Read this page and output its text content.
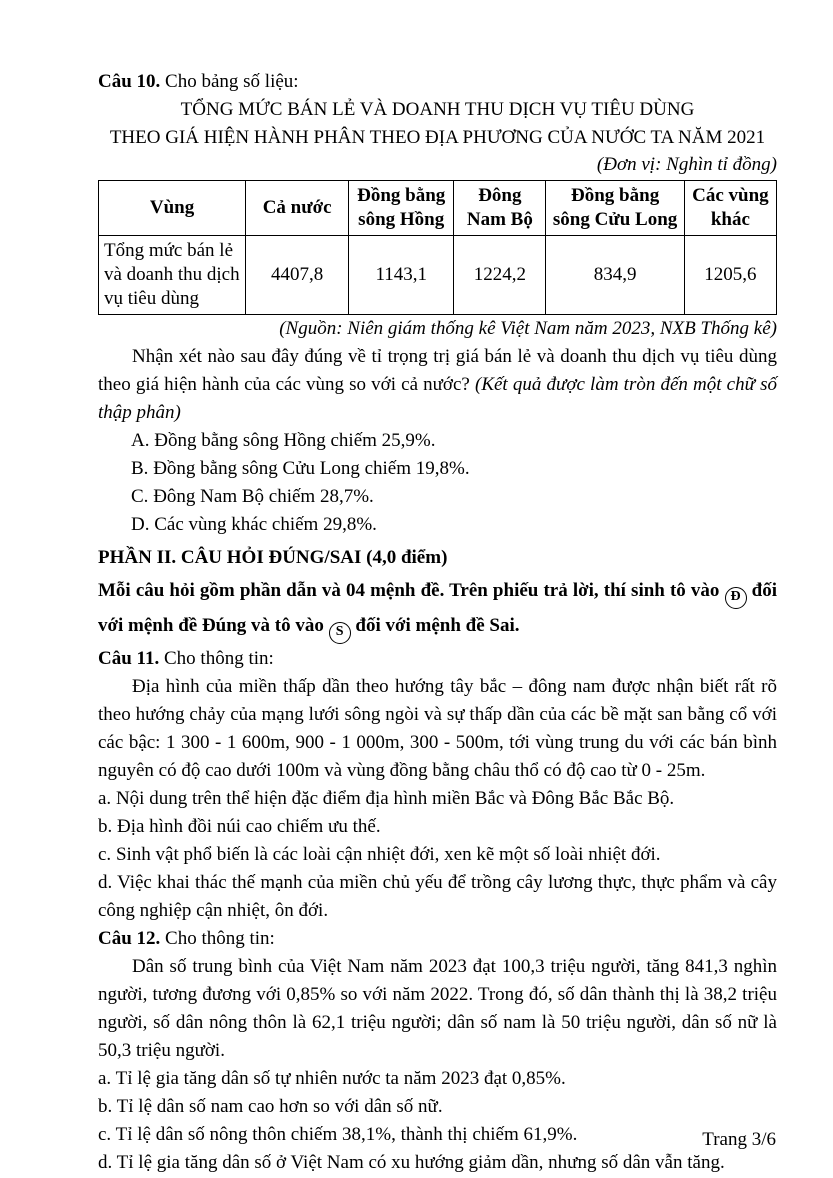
Câu 10. Cho bảng số liệu:

TỔNG MỨC BÁN LẺ VÀ DOANH THU DỊCH VỤ TIÊU DÙNG
THEO GIÁ HIỆN HÀNH PHÂN THEO ĐỊA PHƯƠNG CỦA NƯỚC TA NĂM 2021
(Đơn vị: Nghìn tỉ đồng)
Vùng	Cả nước	Đồng bằng sông Hồng	Đông Nam Bộ	Đồng bằng sông Cửu Long	Các vùng khác
Tổng mức bán lẻ và doanh thu dịch vụ tiêu dùng	4407,8	1143,1	1224,2	834,9	1205,6
(Nguồn: Niên giám thống kê Việt Nam năm 2023, NXB Thống kê)

Nhận xét nào sau đây đúng về tỉ trọng trị giá bán lẻ và doanh thu dịch vụ tiêu dùng theo giá hiện hành của các vùng so với cả nước? (Kết quả được làm tròn đến một chữ số thập phân)

A. Đồng bằng sông Hồng chiếm 25,9%.
B. Đồng bằng sông Cửu Long chiếm 19,8%.
C. Đông Nam Bộ chiếm 28,7%.
D. Các vùng khác chiếm 29,8%.
PHẦN II. CÂU HỎI ĐÚNG/SAI (4,0 điểm)

Mỗi câu hỏi gồm phần dẫn và 04 mệnh đề. Trên phiếu trả lời, thí sinh tô vào Đ đối với mệnh đề Đúng và tô vào S đối với mệnh đề Sai.

Câu 11. Cho thông tin:

Địa hình của miền thấp dần theo hướng tây bắc – đông nam được nhận biết rất rõ theo hướng chảy của mạng lưới sông ngòi và sự thấp dần của các bề mặt san bằng cổ với các bậc: 1 300 - 1 600m, 900 - 1 000m, 300 - 500m, tới vùng trung du với các bán bình nguyên có độ cao dưới 100m và vùng đồng bằng châu thổ có độ cao từ 0 - 25m.

a. Nội dung trên thể hiện đặc điểm địa hình miền Bắc và Đông Bắc Bắc Bộ.
b. Địa hình đồi núi cao chiếm ưu thế.
c. Sinh vật phổ biến là các loài cận nhiệt đới, xen kẽ một số loài nhiệt đới.
d. Việc khai thác thế mạnh của miền chủ yếu để trồng cây lương thực, thực phẩm và cây công nghiệp cận nhiệt, ôn đới.

Câu 12. Cho thông tin:

Dân số trung bình của Việt Nam năm 2023 đạt 100,3 triệu người, tăng 841,3 nghìn người, tương đương với 0,85% so với năm 2022. Trong đó, số dân thành thị là 38,2 triệu người, số dân nông thôn là 62,1 triệu người; dân số nam là 50 triệu người, dân số nữ là 50,3 triệu người.

a. Tỉ lệ gia tăng dân số tự nhiên nước ta năm 2023 đạt 0,85%.
b. Tỉ lệ dân số nam cao hơn so với dân số nữ.
c. Tỉ lệ dân số nông thôn chiếm 38,1%, thành thị chiếm 61,9%.
d. Tỉ lệ gia tăng dân số ở Việt Nam có xu hướng giảm dần, nhưng số dân vẫn tăng.
Trang 3/6
